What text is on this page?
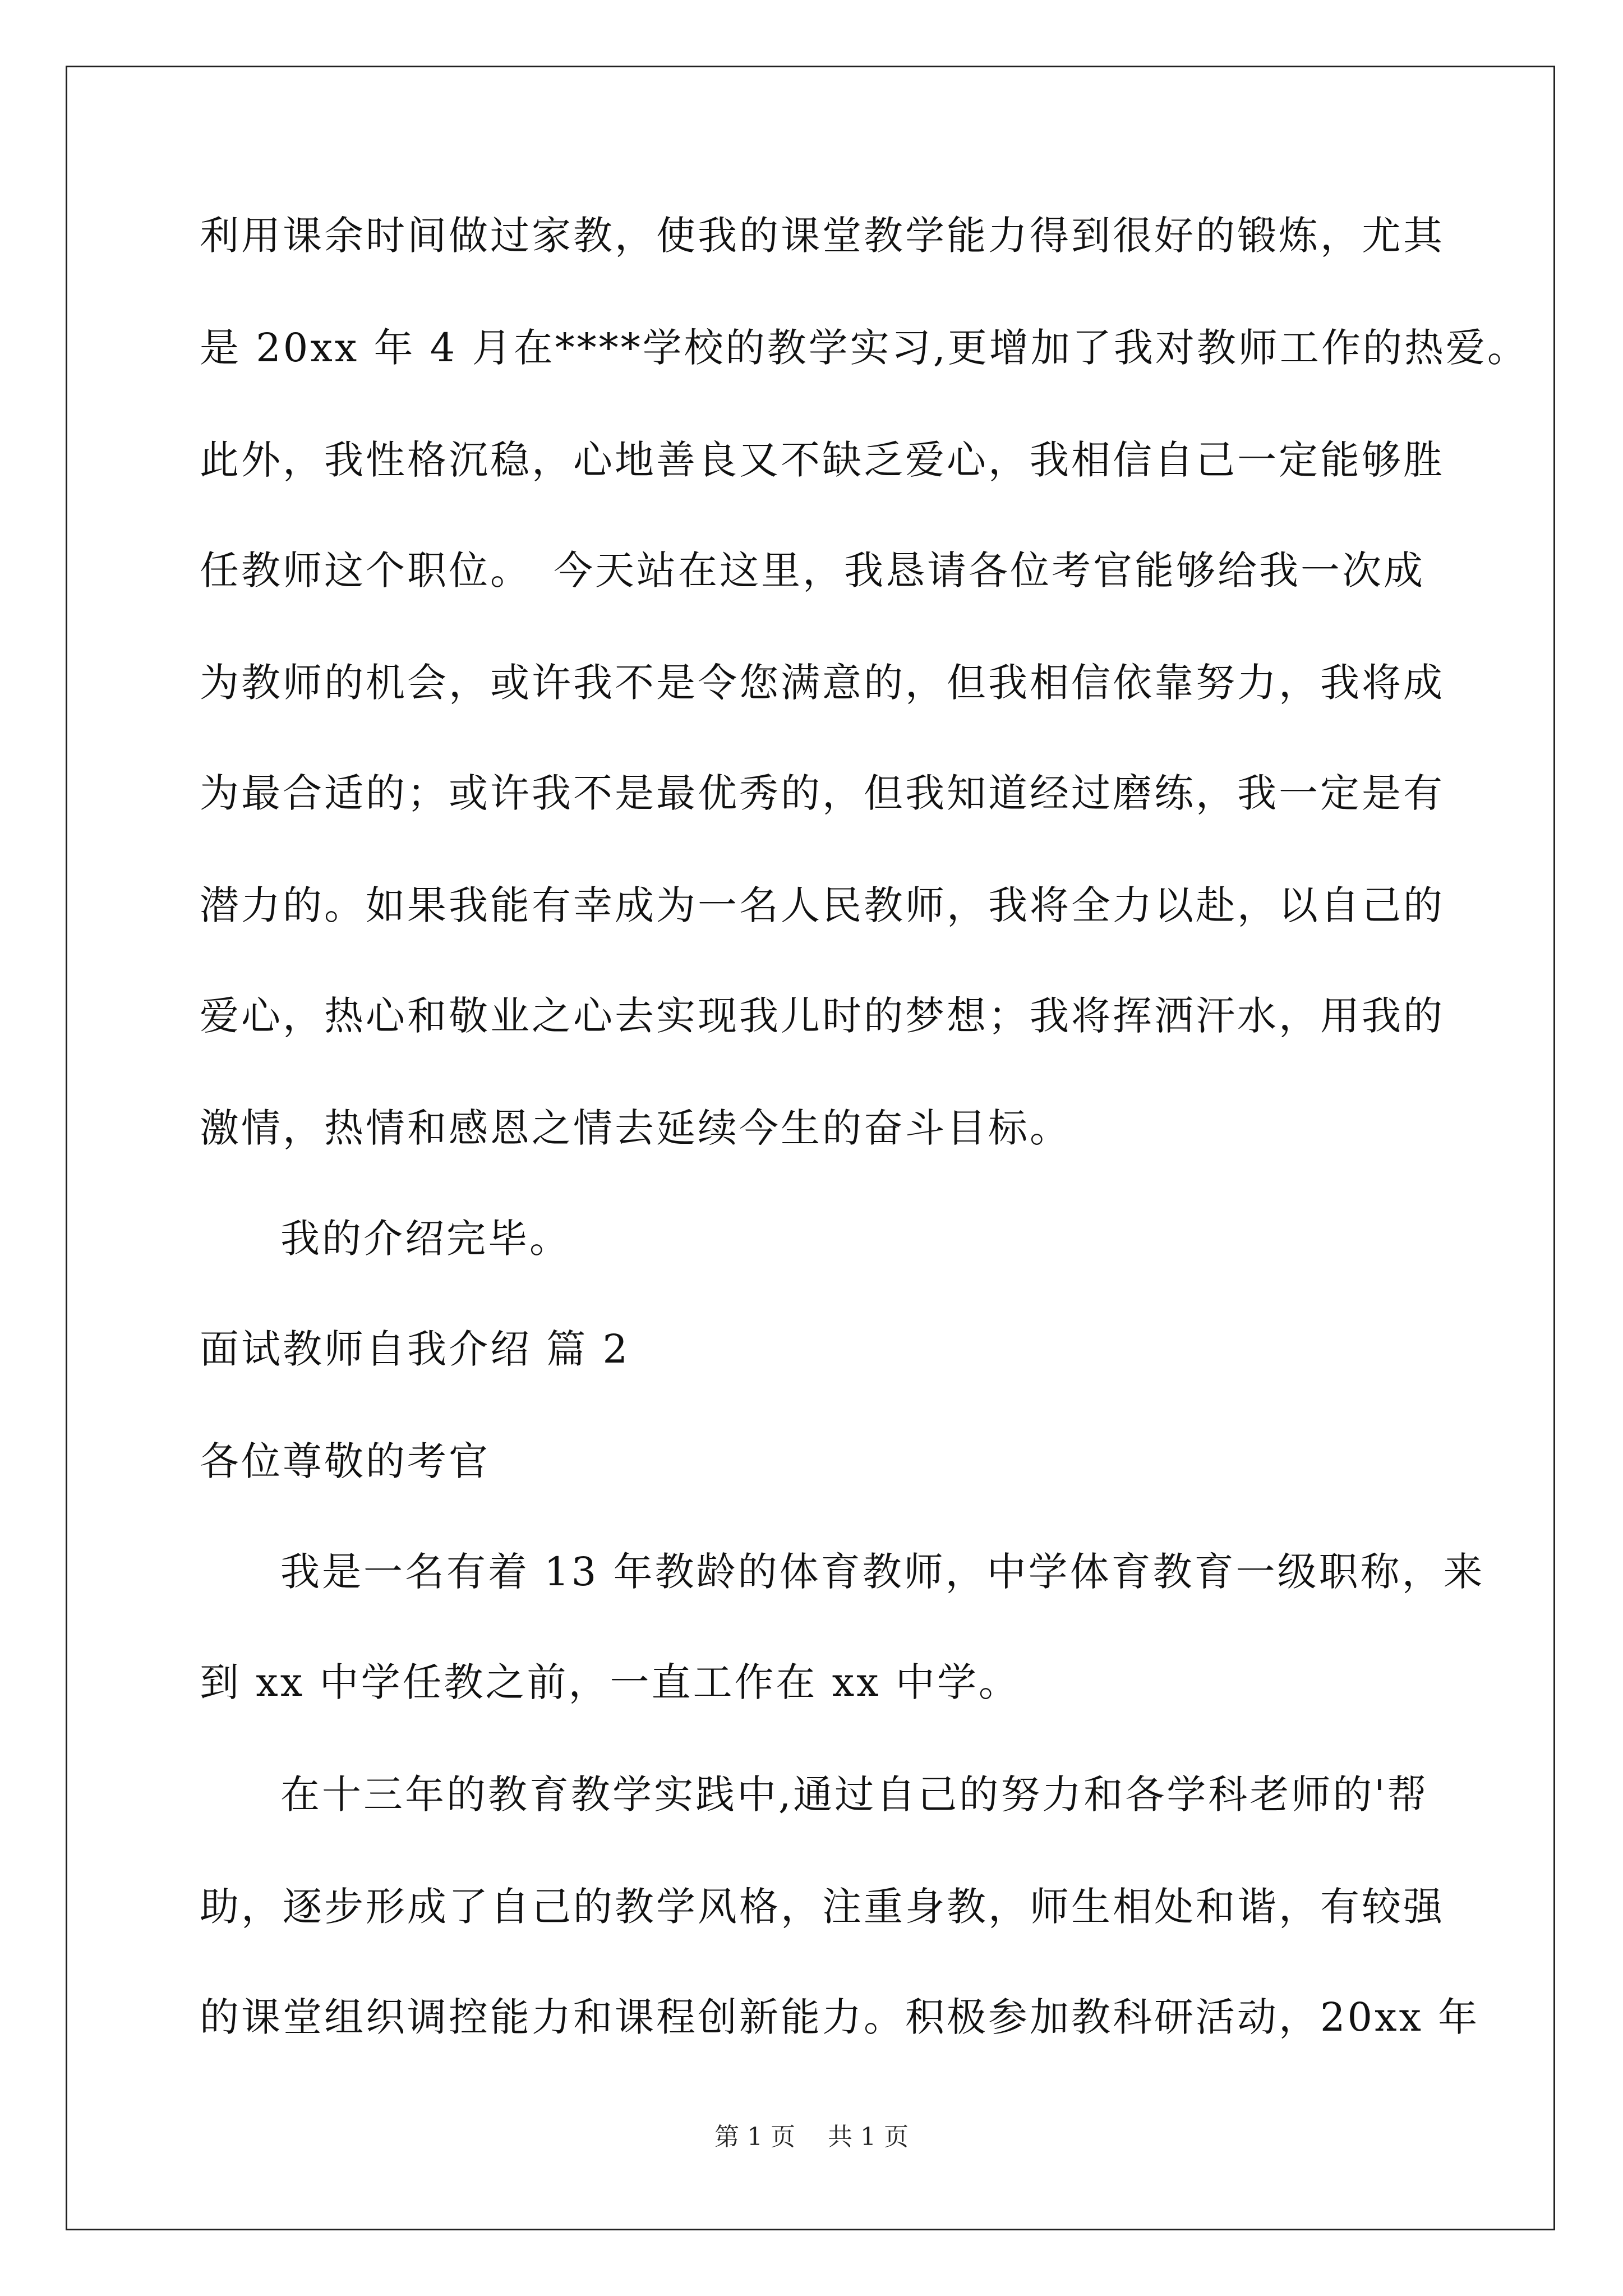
利用课余时间做过家教，使我的课堂教学能力得到很好的锻炼，尤其
是 20xx 年 4 月在****学校的教学实习,更增加了我对教师工作的热爱。
此外，我性格沉稳，心地善良又不缺乏爱心，我相信自己一定能够胜
任教师这个职位。　今天站在这里，我恳请各位考官能够给我一次成
为教师的机会，或许我不是令您满意的，但我相信依靠努力，我将成
为最合适的；或许我不是最优秀的，但我知道经过磨练，我一定是有
潜力的。如果我能有幸成为一名人民教师，我将全力以赴，以自己的
爱心，热心和敬业之心去实现我儿时的梦想；我将挥洒汗水，用我的
激情，热情和感恩之情去延续今生的奋斗目标。
我的介绍完毕。
面试教师自我介绍 篇 2
各位尊敬的考官
我是一名有着 13 年教龄的体育教师，中学体育教育一级职称，来
到 xx 中学任教之前，一直工作在 xx 中学。
在十三年的教育教学实践中,通过自己的努力和各学科老师的'帮
助，逐步形成了自己的教学风格，注重身教，师生相处和谐，有较强
的课堂组织调控能力和课程创新能力。积极参加教科研活动，20xx 年
第 1 页　 共 1 页
